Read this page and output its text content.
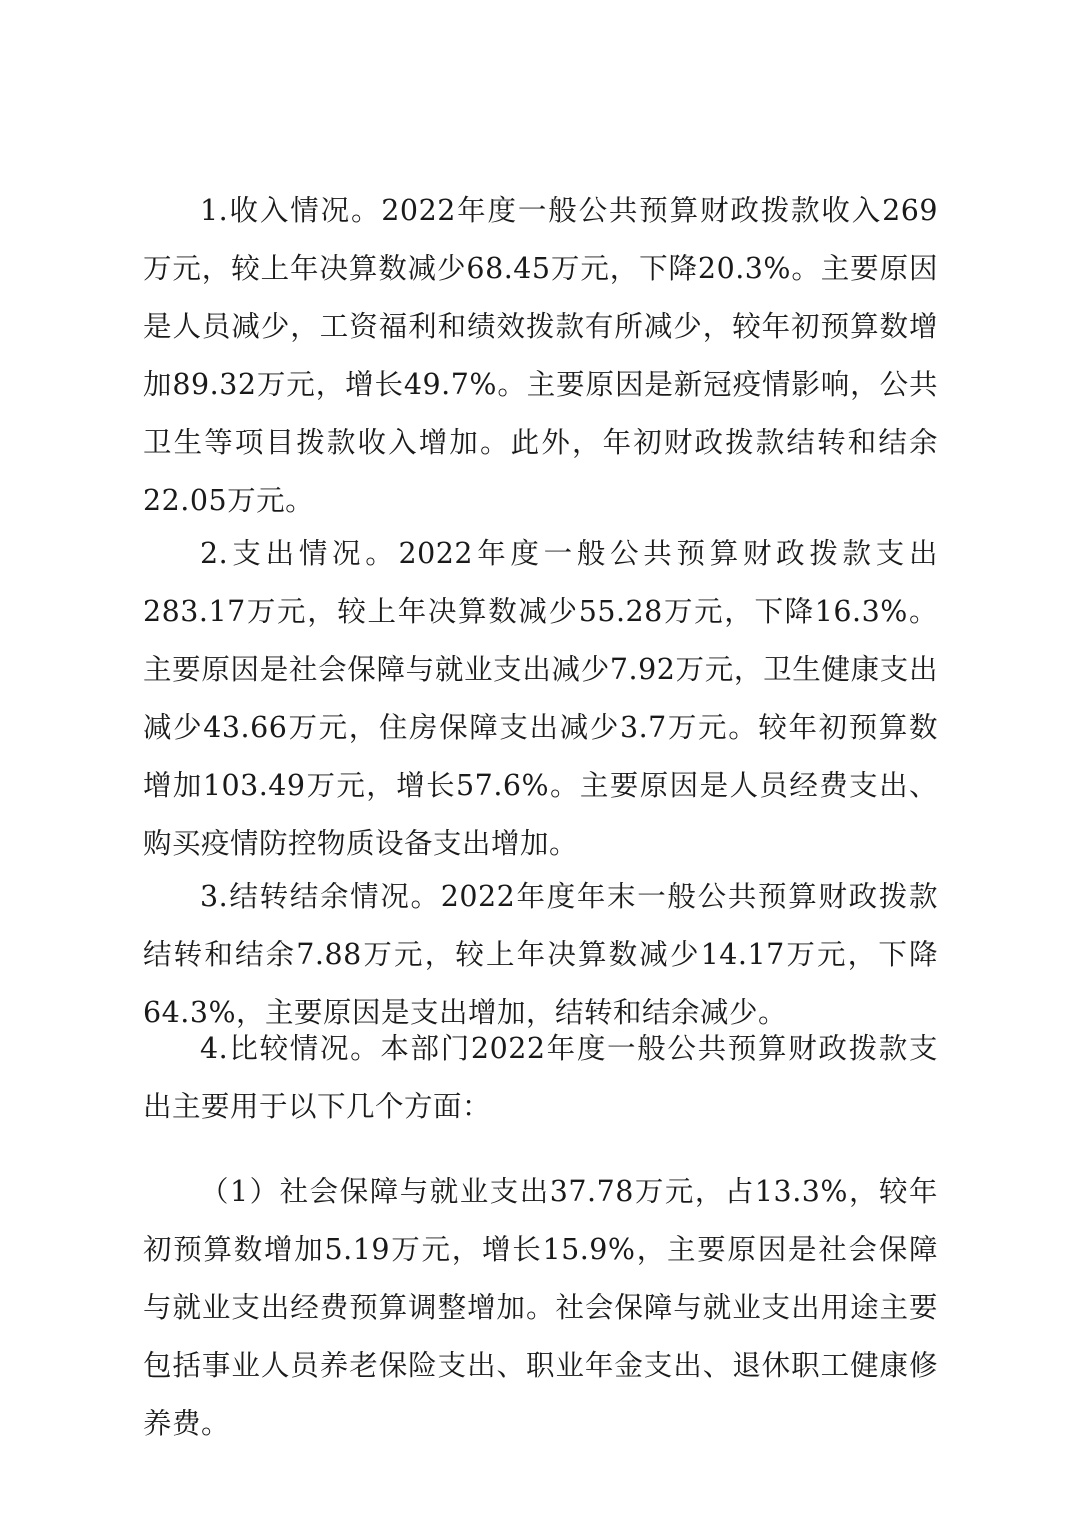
1.收入情况。2022年度一般公共预算财政拨款收入269万元，较上年决算数减少68.45万元，下降20.3%。主要原因是人员减少，工资福利和绩效拨款有所减少，较年初预算数增加89.32万元，增长49.7%。主要原因是新冠疫情影响，公共卫生等项目拨款收入增加。此外，年初财政拨款结转和结余22.05万元。

2.支出情况。2022年度一般公共预算财政拨款支出283.17万元，较上年决算数减少55.28万元，下降16.3%。主要原因是社会保障与就业支出减少7.92万元，卫生健康支出减少43.66万元，住房保障支出减少3.7万元。较年初预算数增加103.49万元，增长57.6%。主要原因是人员经费支出、购买疫情防控物质设备支出增加。

3.结转结余情况。2022年度年末一般公共预算财政拨款结转和结余7.88万元，较上年决算数减少14.17万元，下降64.3%，主要原因是支出增加，结转和结余减少。

4.比较情况。本部门2022年度一般公共预算财政拨款支出主要用于以下几个方面：

（1）社会保障与就业支出37.78万元，占13.3%，较年初预算数增加5.19万元，增长15.9%，主要原因是社会保障与就业支出经费预算调整增加。社会保障与就业支出用途主要包括事业人员养老保险支出、职业年金支出、退休职工健康修养费。
